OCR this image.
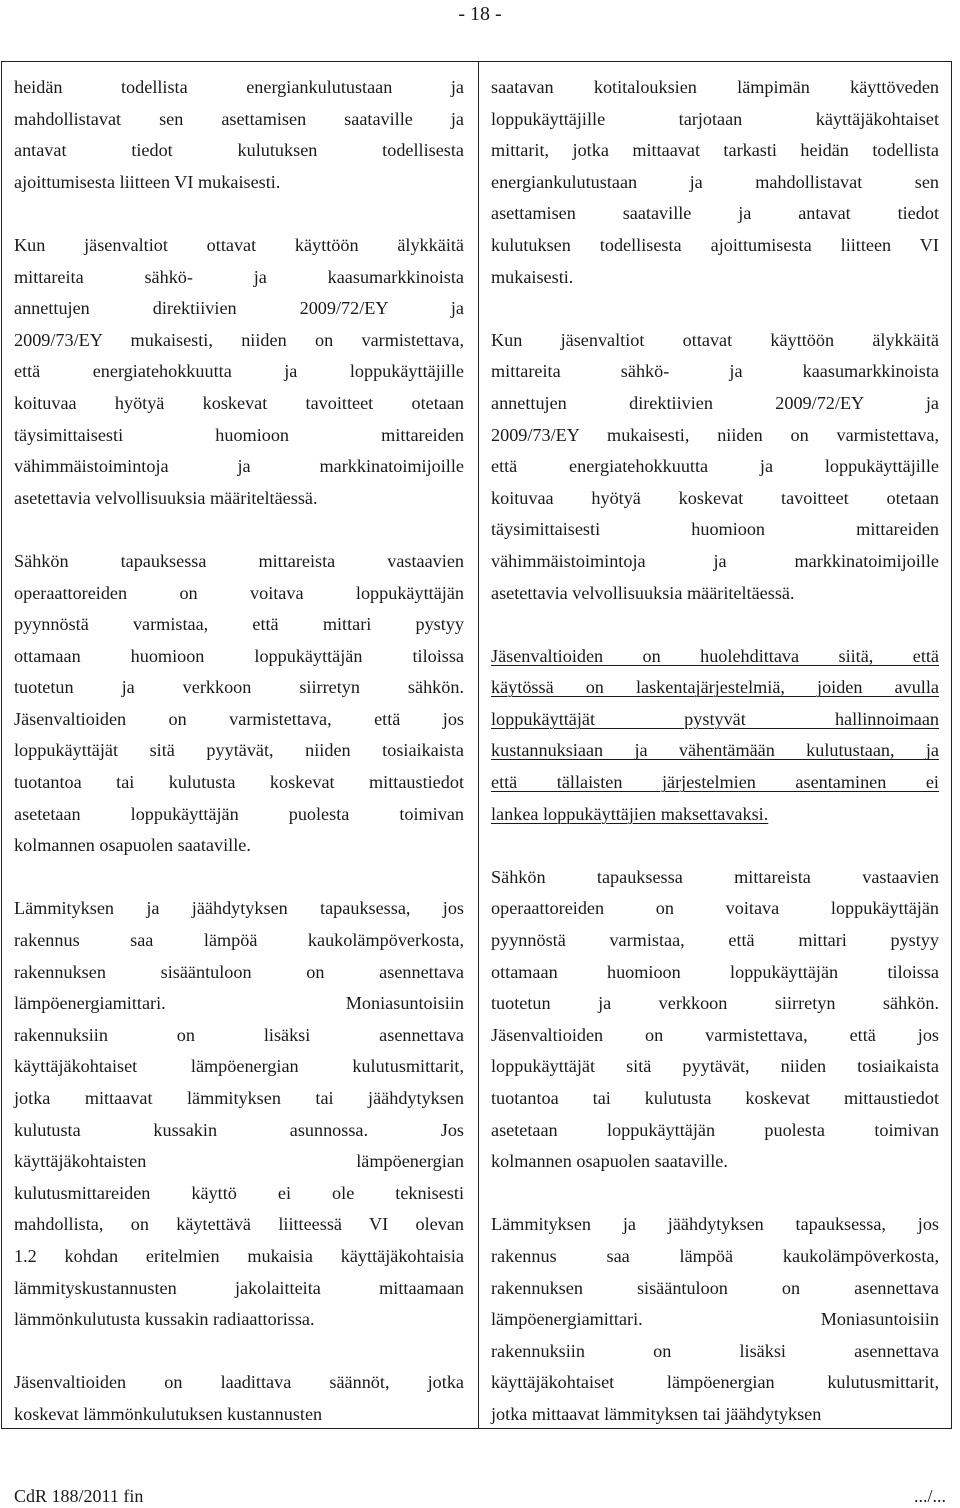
- 18 -
heidän todellista energiankulutustaan ja
mahdollistavat sen asettamisen saataville ja
antavat tiedot kulutuksen todellisesta
ajoittumisesta liitteen VI mukaisesti.
Kun jäsenvaltiot ottavat käyttöön älykkäitä
mittareita sähkö- ja kaasumarkkinoista
annettujen direktiivien 2009/72/EY ja
2009/73/EY mukaisesti, niiden on varmistettava,
että energiatehokkuutta ja loppukäyttäjille
koituvaa hyötyä koskevat tavoitteet otetaan
täysimittaisesti huomioon mittareiden
vähimmäistoimintoja ja markkinatoimijoille
asetettavia velvollisuuksia määriteltäessä.
Sähkön tapauksessa mittareista vastaavien
operaattoreiden on voitava loppukäyttäjän
pyynnöstä varmistaa, että mittari pystyy
ottamaan huomioon loppukäyttäjän tiloissa
tuotetun ja verkkoon siirretyn sähkön.
Jäsenvaltioiden on varmistettava, että jos
loppukäyttäjät sitä pyytävät, niiden tosiaikaista
tuotantoa tai kulutusta koskevat mittaustiedot
asetetaan loppukäyttäjän puolesta toimivan
kolmannen osapuolen saataville.
Lämmityksen ja jäähdytyksen tapauksessa, jos
rakennus saa lämpöä kaukolämpöverkosta,
rakennuksen sisääntuloon on asennettava
lämpöenergiamittari. Moniasuntoisiin
rakennuksiin on lisäksi asennettava
käyttäjäkohtaiset lämpöenergian kulutusmittarit,
jotka mittaavat lämmityksen tai jäähdytyksen
kulutusta kussakin asunnossa. Jos
käyttäjäkohtaisten lämpöenergian
kulutusmittareiden käyttö ei ole teknisesti
mahdollista, on käytettävä liitteessä VI olevan
1.2 kohdan eritelmien mukaisia käyttäjäkohtaisia
lämmityskustannusten jakolaitteita mittaamaan
lämmönkulutusta kussakin radiaattorissa.
Jäsenvaltioiden on laadittava säännöt, jotka
koskevat lämmönkulutuksen kustannusten
saatavan kotitalouksien lämpimän käyttöveden
loppukäyttäjille tarjotaan käyttäjäkohtaiset
mittarit, jotka mittaavat tarkasti heidän todellista
energiankulutustaan ja mahdollistavat sen
asettamisen saataville ja antavat tiedot
kulutuksen todellisesta ajoittumisesta liitteen VI
mukaisesti.
Kun jäsenvaltiot ottavat käyttöön älykkäitä
mittareita sähkö- ja kaasumarkkinoista
annettujen direktiivien 2009/72/EY ja
2009/73/EY mukaisesti, niiden on varmistettava,
että energiatehokkuutta ja loppukäyttäjille
koituvaa hyötyä koskevat tavoitteet otetaan
täysimittaisesti huomioon mittareiden
vähimmäistoimintoja ja markkinatoimijoille
asetettavia velvollisuuksia määriteltäessä.
Jäsenvaltioiden on huolehdittava siitä, että
käytössä on laskentajärjestelmiä, joiden avulla
loppukäyttäjät pystyvät hallinnoimaan
kustannuksiaan ja vähentämään kulutustaan, ja
että tällaisten järjestelmien asentaminen ei
lankea loppukäyttäjien maksettavaksi.
Sähkön tapauksessa mittareista vastaavien
operaattoreiden on voitava loppukäyttäjän
pyynnöstä varmistaa, että mittari pystyy
ottamaan huomioon loppukäyttäjän tiloissa
tuotetun ja verkkoon siirretyn sähkön.
Jäsenvaltioiden on varmistettava, että jos
loppukäyttäjät sitä pyytävät, niiden tosiaikaista
tuotantoa tai kulutusta koskevat mittaustiedot
asetetaan loppukäyttäjän puolesta toimivan
kolmannen osapuolen saataville.
Lämmityksen ja jäähdytyksen tapauksessa, jos
rakennus saa lämpöä kaukolämpöverkosta,
rakennuksen sisääntuloon on asennettava
lämpöenergiamittari. Moniasuntoisiin
rakennuksiin on lisäksi asennettava
käyttäjäkohtaiset lämpöenergian kulutusmittarit,
jotka mittaavat lämmityksen tai jäähdytyksen
CdR 188/2011 fin	.../...
